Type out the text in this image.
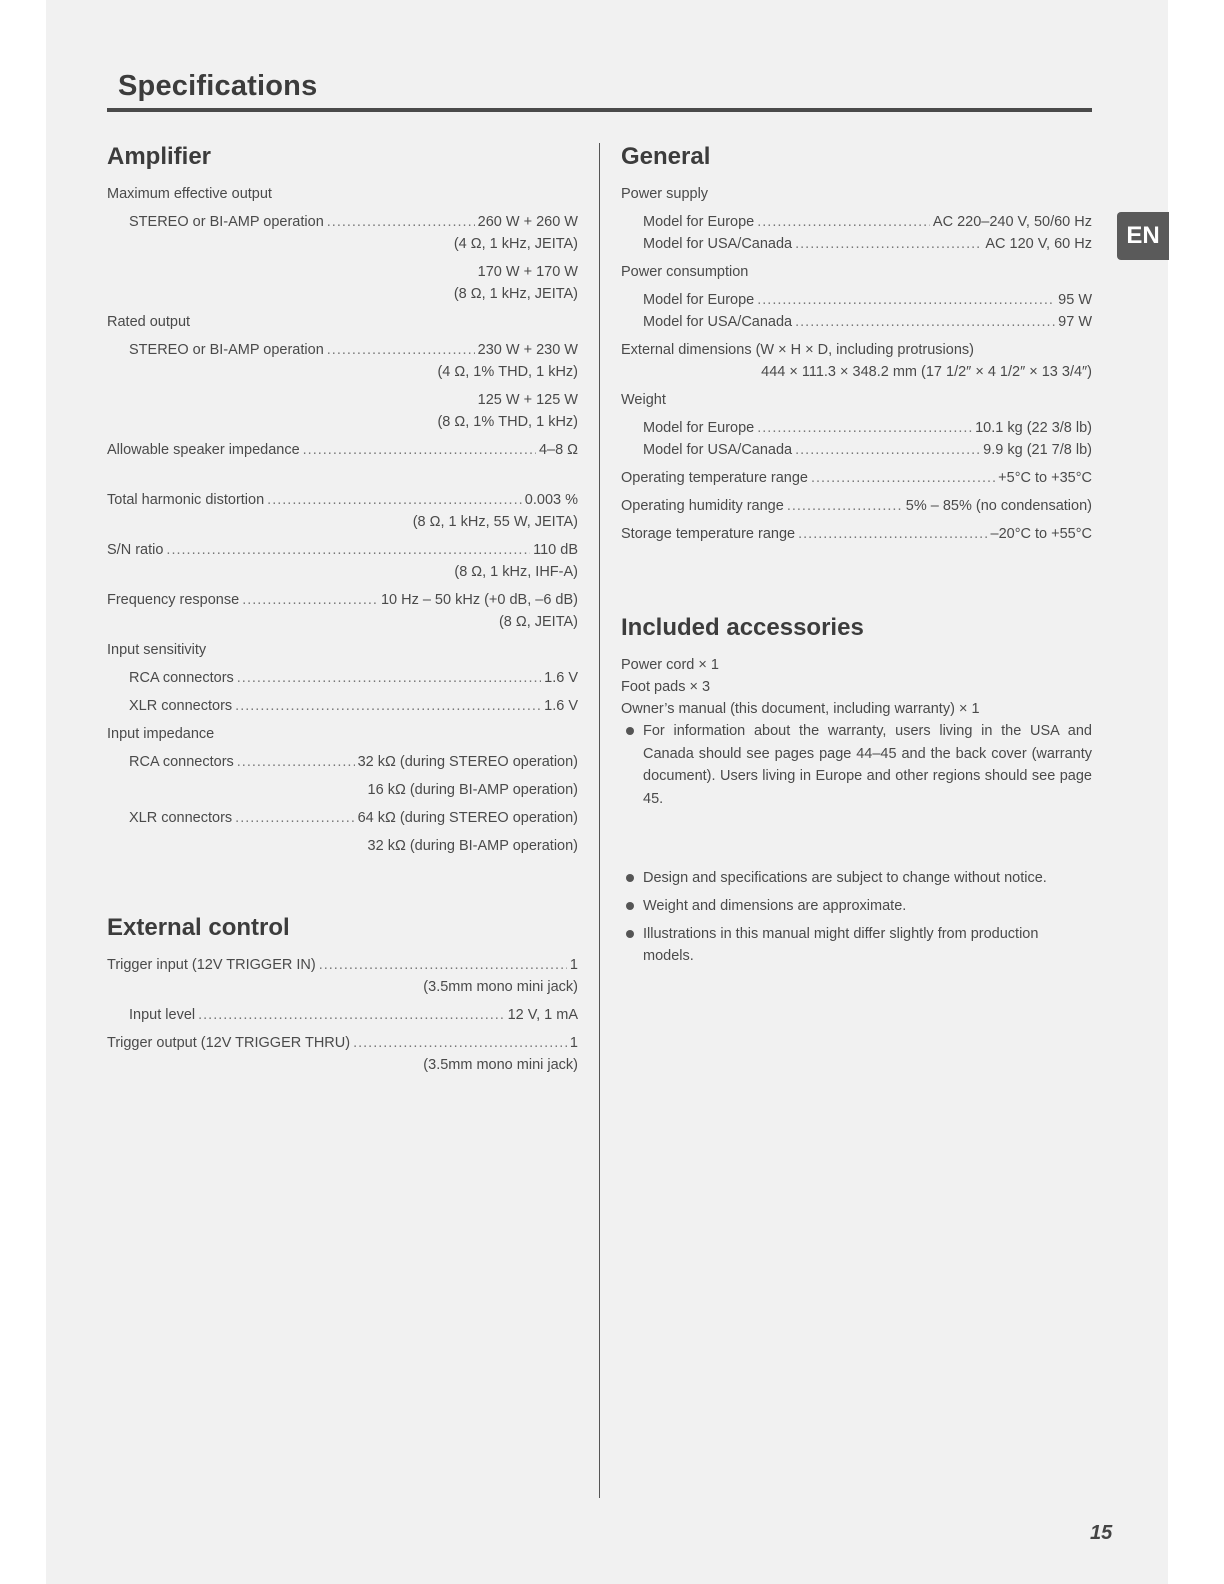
Specifications
EN
Amplifier
Maximum effective output
STEREO or BI-AMP operation .....	260 W + 260 W
(4 Ω, 1 kHz, JEITA)
170 W + 170 W
(8 Ω, 1 kHz, JEITA)
Rated output
STEREO or BI-AMP operation .....	230 W + 230 W
(4 Ω, 1% THD, 1 kHz)
125 W + 125 W
(8 Ω, 1% THD, 1 kHz)
Allowable speaker impedance .....	4–8 Ω
Total harmonic distortion .....	0.003 %
(8 Ω, 1 kHz, 55 W, JEITA)
S/N ratio .....	110 dB
(8 Ω, 1 kHz, IHF-A)
Frequency response .....	10 Hz – 50 kHz (+0 dB, –6 dB)
(8 Ω, JEITA)
Input sensitivity
RCA connectors .....	1.6 V
XLR connectors .....	1.6 V
Input impedance
RCA connectors .....	32 kΩ (during STEREO operation)
16 kΩ (during BI-AMP operation)
XLR connectors .....	64 kΩ (during STEREO operation)
32 kΩ (during BI-AMP operation)
External control
Trigger input (12V TRIGGER IN) .....	1
(3.5mm mono mini jack)
Input level .....	12 V, 1 mA
Trigger output (12V TRIGGER THRU) .....	1
(3.5mm mono mini jack)
General
Power supply
Model for Europe .....	AC 220–240 V, 50/60 Hz
Model for USA/Canada .....	AC 120 V, 60 Hz
Power consumption
Model for Europe .....	95 W
Model for USA/Canada .....	97 W
External dimensions (W × H × D, including protrusions)
444 × 111.3 × 348.2 mm (17 1/2″ × 4 1/2″ × 13 3/4″)
Weight
Model for Europe .....	10.1 kg (22 3/8 lb)
Model for USA/Canada .....	9.9 kg (21 7/8 lb)
Operating temperature range .....	+5°C to +35°C
Operating humidity range .....	5% – 85% (no condensation)
Storage temperature range .....	–20°C to +55°C
Included accessories
Power cord × 1
Foot pads × 3
Owner’s manual (this document, including warranty) × 1
For information about the warranty, users living in the USA and Canada should see pages page 44–45 and the back cover (warranty document). Users living in Europe and other regions should see page 45.
Design and specifications are subject to change without notice.
Weight and dimensions are approximate.
Illustrations in this manual might differ slightly from production models.
15
